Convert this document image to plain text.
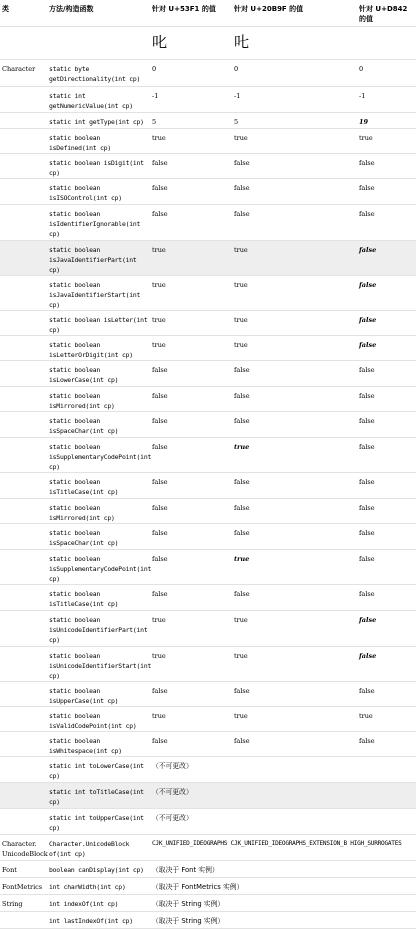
类	方法/构造函数	针对 U+53F1 的值	针对 U+20B9F 的值	针对 U+D842 的值
		叱	𠮟	
Character	static byte getDirectionality(int cp)	0	0	0
	static int getNumericValue(int cp)	-1	-1	-1
	static int getType(int cp)	5	5	19
	static boolean isDefined(int cp)	true	true	true
	static boolean isDigit(int cp)	false	false	false
	static boolean isISOControl(int cp)	false	false	false
	static boolean isIdentifierIgnorable(int cp)	false	false	false
	static boolean isJavaIdentifierPart(int cp)	true	true	false
	static boolean isJavaIdentifierStart(int cp)	true	true	false
	static boolean isLetter(int cp)	true	true	false
	static boolean isLetterOrDigit(int cp)	true	true	false
	static boolean isLowerCase(int cp)	false	false	false
	static boolean isMirrored(int cp)	false	false	false
	static boolean isSpaceChar(int cp)	false	false	false
	static boolean isSupplementaryCodePoint(int cp)	false	true	false
	static boolean isTitleCase(int cp)	false	false	false
	static boolean isMirrored(int cp)	false	false	false
	static boolean isSpaceChar(int cp)	false	false	false
	static boolean isSupplementaryCodePoint(int cp)	false	true	false
	static boolean isTitleCase(int cp)	false	false	false
	static boolean isUnicodeIdentifierPart(int cp)	true	true	false
	static boolean isUnicodeIdentifierStart(int cp)	true	true	false
	static boolean isUpperCase(int cp)	false	false	false
	static boolean isValidCodePoint(int cp)	true	true	true
	static boolean isWhitespace(int cp)	false	false	false
	static int toLowerCase(int cp)	（不可更改）		
	static int toTitleCase(int cp)	（不可更改）		
	static int toUpperCase(int cp)	（不可更改）		
Character. UnicodeBlock	Character.UnicodeBlock of(int cp)	CJK_UNIFIED_IDEOGRAPHS CJK_UNIFIED_IDEOGRAPHS_EXTENSION_B HIGH_SURROGATES		
Font	boolean canDisplay(int cp)	（取决于 Font 实例）		
FontMetrics	int charWidth(int cp)	（取决于 FontMetrics 实例）		
String	int indexOf(int cp)	（取决于 String 实例）		
	int lastIndexOf(int cp)	（取决于 String 实例）		
